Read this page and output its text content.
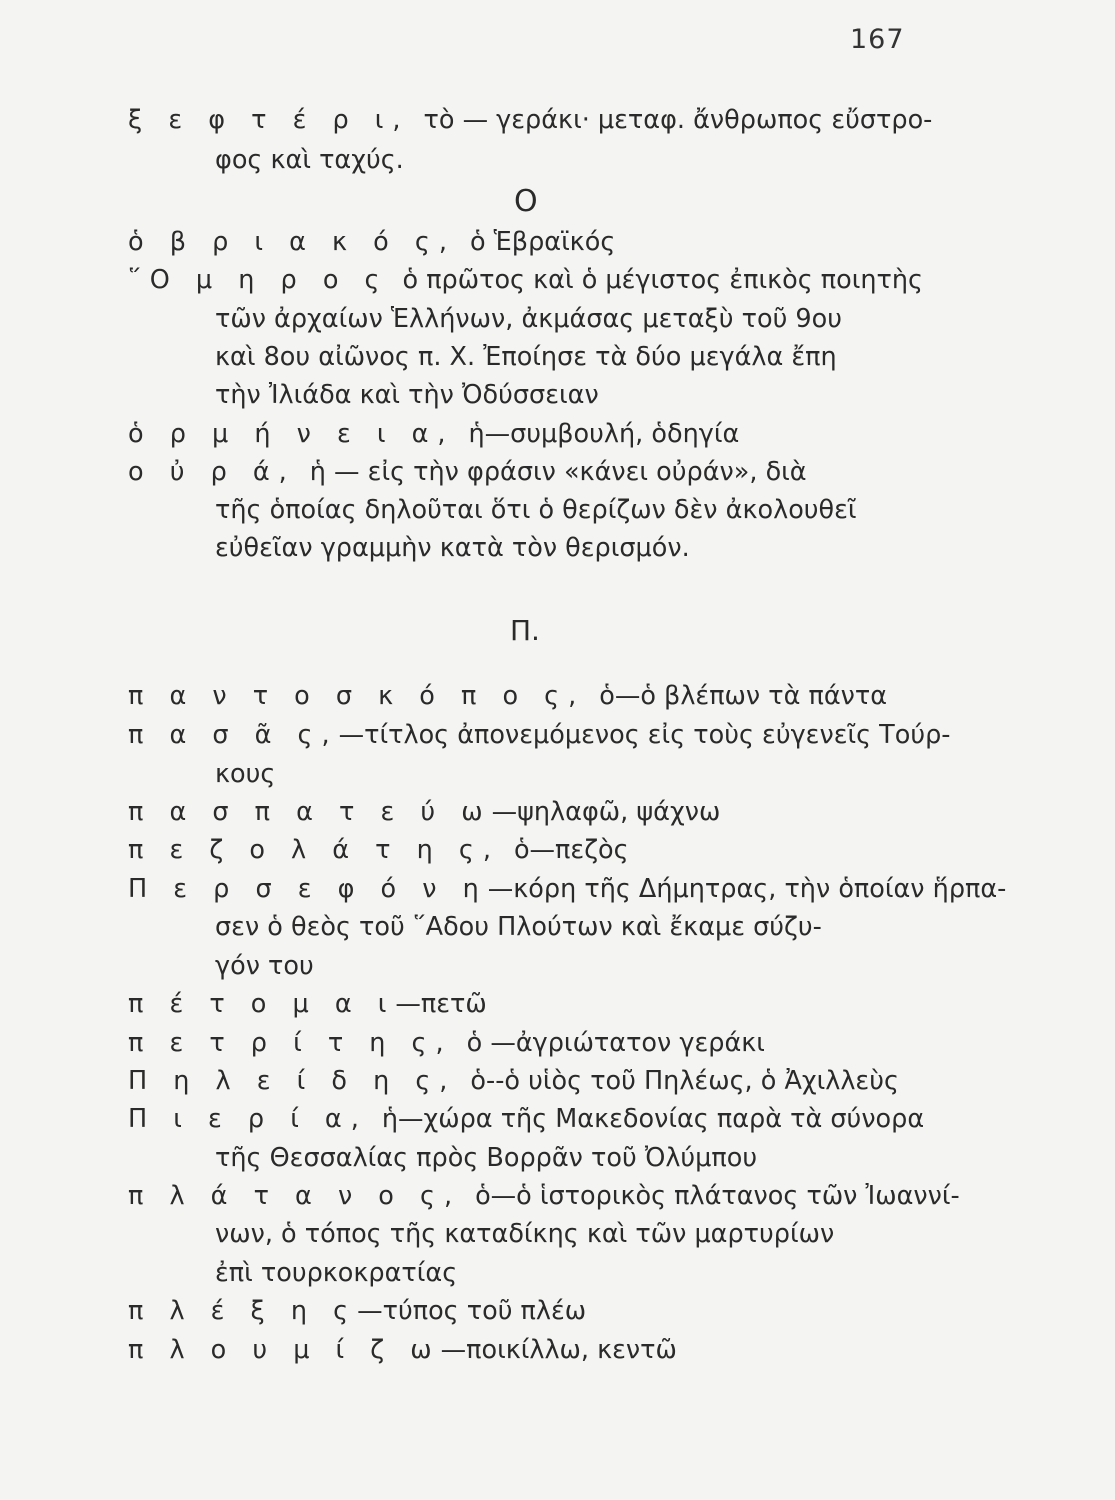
167
ξ ε φ τ έ ρ ι, τὸ — γεράκι· μεταφ. ἄνθρωπος εὔστρο-
φος καὶ ταχύς.
Ο
ὁ β ρ ι α κ ό ς, ὁ Ἑβραϊκός
῞Ο μ η ρ ο ς ὁ πρῶτος καὶ ὁ μέγιστος ἐπικὸς ποιητὴς
τῶν ἀρχαίων Ἑλλήνων, ἀκμάσας μεταξὺ τοῦ 9ου
καὶ 8ου αἰῶνος π. Χ. Ἐποίησε τὰ δύο μεγάλα ἔπη
τὴν Ἰλιάδα καὶ τὴν Ὀδύσσειαν
ὁ ρ μ ή ν ε ι α, ἡ—συμβουλή, ὁδηγία
ο ὐ ρ ά, ἡ — εἰς τὴν φράσιν «κάνει οὐράν», διὰ
τῆς ὁποίας δηλοῦται ὅτι ὁ θερίζων δὲν ἀκολουθεῖ
εὐθεῖαν γραμμὴν κατὰ τὸν θερισμόν.
Π.
π α ν τ ο σ κ ό π ο ς, ὁ—ὁ βλέπων τὰ πάντα
π α σ ᾶ ς,—τίτλος ἀπονεμόμενος εἰς τοὺς εὐγενεῖς Τούρ-
κους
π α σ π α τ ε ύ ω—ψηλαφῶ, ψάχνω
π ε ζ ο λ ά τ η ς, ὁ—πεζὸς
Π ε ρ σ ε φ ό ν η—κόρη τῆς Δήμητρας, τὴν ὁποίαν ἥρπα-
σεν ὁ θεὸς τοῦ ῞Αδου Πλούτων καὶ ἔκαμε σύζυ-
γόν του
π έ τ ο μ α ι—πετῶ
π ε τ ρ ί τ η ς, ὁ —ἀγριώτατον γεράκι
Π η λ ε ί δ η ς, ὁ--ὁ υἱὸς τοῦ Πηλέως, ὁ Ἀχιλλεὺς
Π ι ε ρ ί α, ἡ—χώρα τῆς Μακεδονίας παρὰ τὰ σύνορα
τῆς Θεσσαλίας πρὸς Βορρᾶν τοῦ Ὀλύμπου
π λ ά τ α ν ο ς, ὁ—ὁ ἱστορικὸς πλάτανος τῶν Ἰωαννί-
νων, ὁ τόπος τῆς καταδίκης καὶ τῶν μαρτυρίων
ἐπὶ τουρκοκρατίας
π λ έ ξ η ς—τύπος τοῦ πλέω
π λ ο υ μ ί ζ ω—ποικίλλω, κεντῶ
